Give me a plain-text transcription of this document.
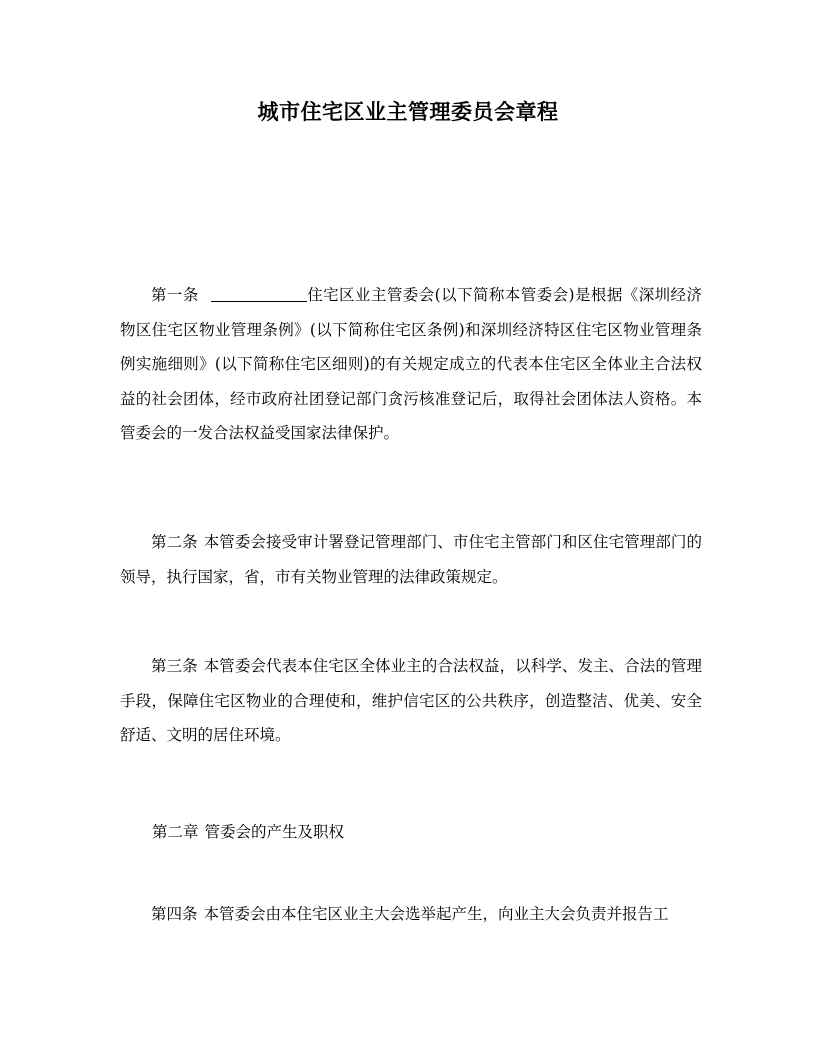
城市住宅区业主管理委员会章程

第一条	住宅区业主管委会(以下简称本管委会)是根据《深圳经济物区住宅区物业管理条例》(以下简称住宅区条例)和深圳经济特区住宅区物业管理条例实施细则》(以下简称住宅区细则)的有关规定成立的代表本住宅区全体业主合法权益的社会团体，经市政府社团登记部门贪污核准登记后，取得社会团体法人资格。本管委会的一发合法权益受国家法律保护。

第二条 本管委会接受审计署登记管理部门、市住宅主管部门和区住宅管理部门的领导，执行国家，省，市有关物业管理的法律政策规定。

第三条 本管委会代表本住宅区全体业主的合法权益，以科学、发主、合法的管理手段，保障住宅区物业的合理使和，维护信宅区的公共秩序，创造整洁、优美、安全舒适、文明的居住环境。

第二章 管委会的产生及职权

第四条 本管委会由本住宅区业主大会选举起产生，向业主大会负责并报告工
